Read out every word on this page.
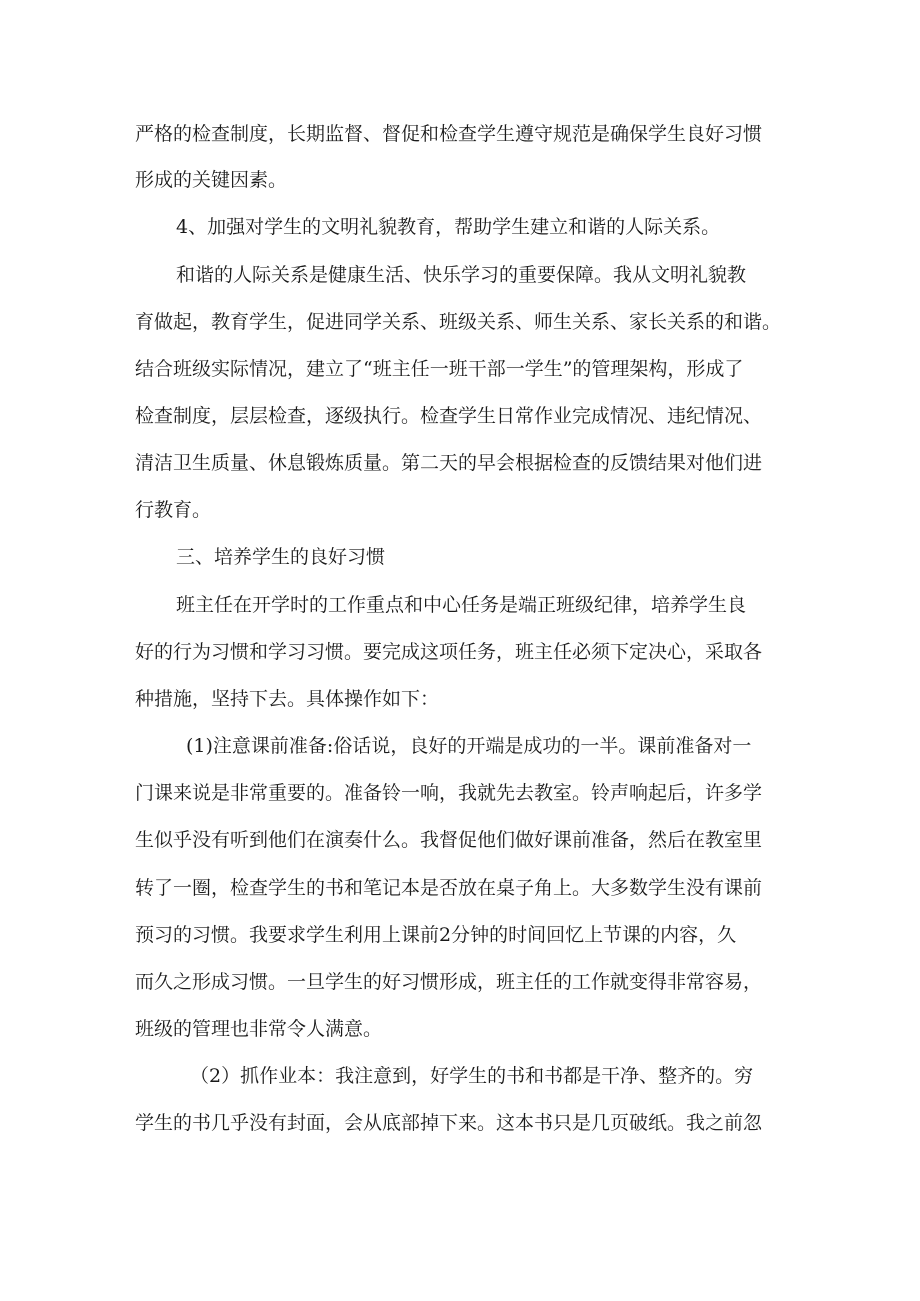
严格的检查制度，长期监督、督促和检查学生遵守规范是确保学生良好习惯
形成的关键因素。
4、加强对学生的文明礼貌教育，帮助学生建立和谐的人际关系。
和谐的人际关系是健康生活、快乐学习的重要保障。我从文明礼貌教
育做起，教育学生，促进同学关系、班级关系、师生关系、家长关系的和谐。
结合班级实际情况，建立了“班主任一班干部一学生”的管理架构，形成了
检查制度，层层检查，逐级执行。检查学生日常作业完成情况、违纪情况、
清洁卫生质量、休息锻炼质量。第二天的早会根据检查的反馈结果对他们进
行教育。
三、培养学生的良好习惯
班主任在开学时的工作重点和中心任务是端正班级纪律，培养学生良
好的行为习惯和学习习惯。要完成这项任务，班主任必须下定决心，采取各
种措施，坚持下去。具体操作如下：
(1)注意课前准备:俗话说，良好的开端是成功的一半。课前准备对一
门课来说是非常重要的。准备铃一响，我就先去教室。铃声响起后，许多学
生似乎没有听到他们在演奏什么。我督促他们做好课前准备，然后在教室里
转了一圈，检查学生的书和笔记本是否放在桌子角上。大多数学生没有课前
预习的习惯。我要求学生利用上课前2分钟的时间回忆上节课的内容，久
而久之形成习惯。一旦学生的好习惯形成，班主任的工作就变得非常容易，
班级的管理也非常令人满意。
（2）抓作业本：我注意到，好学生的书和书都是干净、整齐的。穷
学生的书几乎没有封面，会从底部掉下来。这本书只是几页破纸。我之前忽
